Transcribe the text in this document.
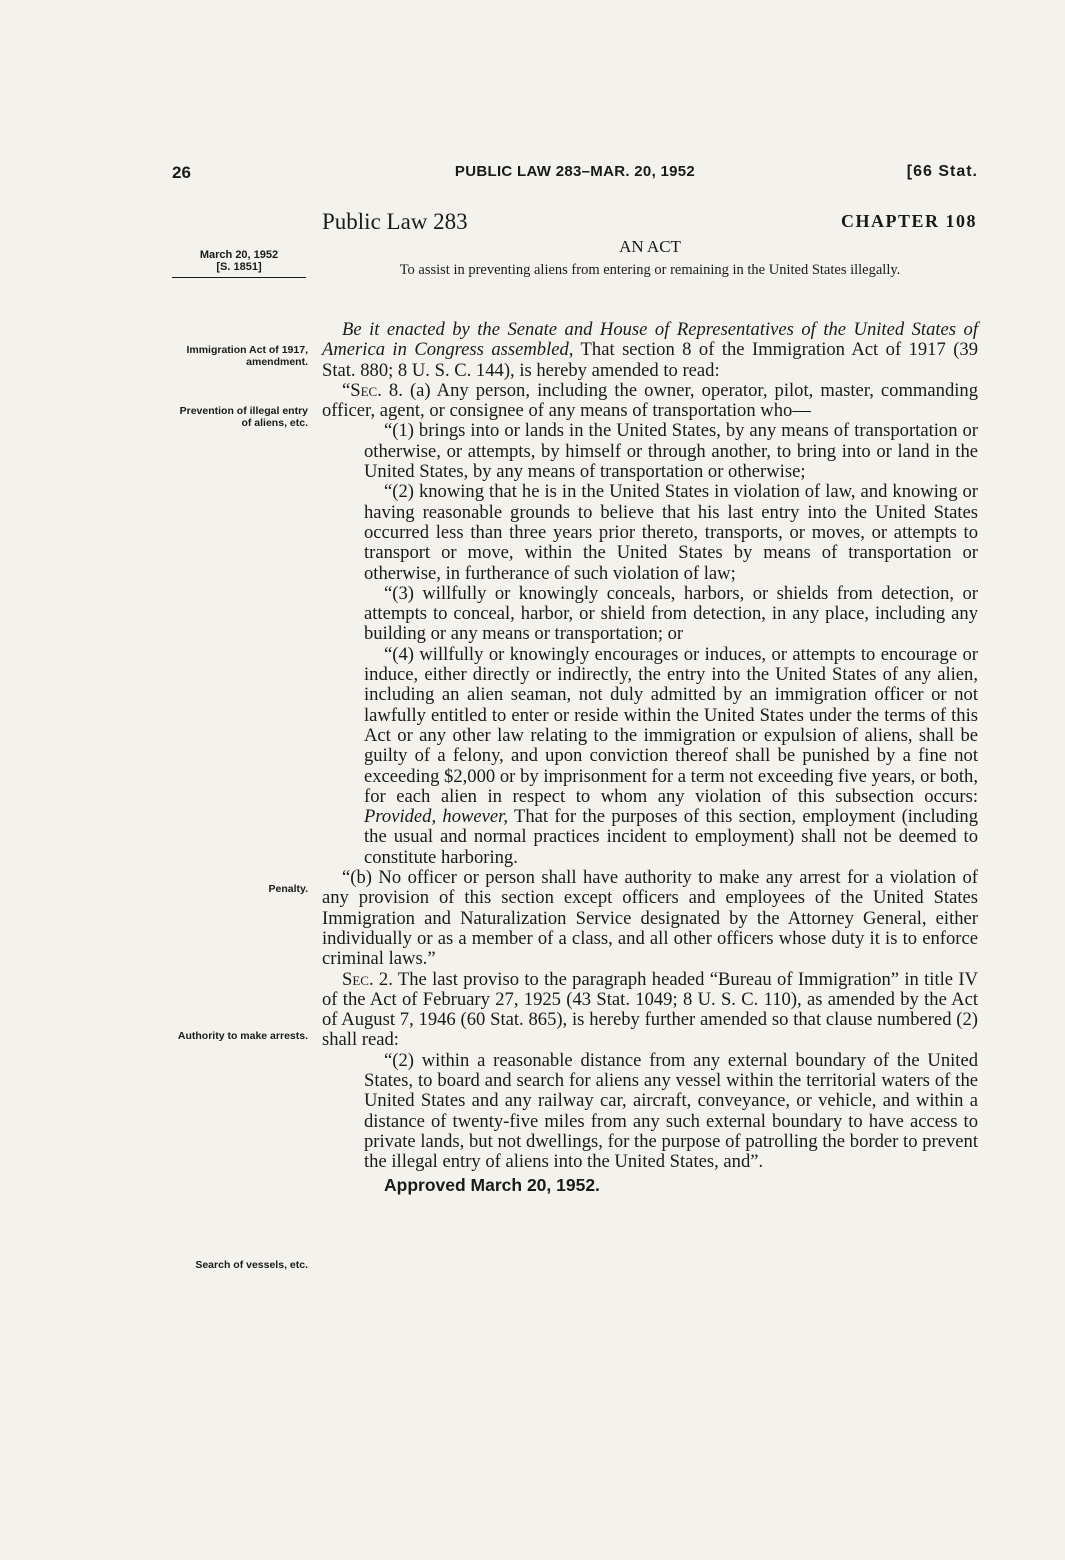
26	PUBLIC LAW 283–MAR. 20, 1952	[66 Stat.
Public Law 283	CHAPTER 108
AN ACT
To assist in preventing aliens from entering or remaining in the United States illegally.
March 20, 1952
[S. 1851]
Immigration Act of 1917, amendment.
Prevention of illegal entry of aliens, etc.
Penalty.
Authority to make arrests.
Search of vessels, etc.

Be it enacted by the Senate and House of Representatives of the United States of America in Congress assembled, That section 8 of the Immigration Act of 1917 (39 Stat. 880; 8 U. S. C. 144), is hereby amended to read:

“Sec. 8. (a) Any person, including the owner, operator, pilot, master, commanding officer, agent, or consignee of any means of transportation who—

“(1) brings into or lands in the United States, by any means of transportation or otherwise, or attempts, by himself or through another, to bring into or land in the United States, by any means of transportation or otherwise;

“(2) knowing that he is in the United States in violation of law, and knowing or having reasonable grounds to believe that his last entry into the United States occurred less than three years prior thereto, transports, or moves, or attempts to transport or move, within the United States by means of transportation or otherwise, in furtherance of such violation of law;

“(3) willfully or knowingly conceals, harbors, or shields from detection, or attempts to conceal, harbor, or shield from detection, in any place, including any building or any means or transportation; or

“(4) willfully or knowingly encourages or induces, or attempts to encourage or induce, either directly or indirectly, the entry into the United States of any alien, including an alien seaman, not duly admitted by an immigration officer or not lawfully entitled to enter or reside within the United States under the terms of this Act or any other law relating to the immigration or expulsion of aliens, shall be guilty of a felony, and upon conviction thereof shall be punished by a fine not exceeding $2,000 or by imprisonment for a term not exceeding five years, or both, for each alien in respect to whom any violation of this subsection occurs: Provided, however, That for the purposes of this section, employment (including the usual and normal practices incident to employment) shall not be deemed to constitute harboring.

“(b) No officer or person shall have authority to make any arrest for a violation of any provision of this section except officers and employees of the United States Immigration and Naturalization Service designated by the Attorney General, either individually or as a member of a class, and all other officers whose duty it is to enforce criminal laws.”

Sec. 2. The last proviso to the paragraph headed “Bureau of Immigration” in title IV of the Act of February 27, 1925 (43 Stat. 1049; 8 U. S. C. 110), as amended by the Act of August 7, 1946 (60 Stat. 865), is hereby further amended so that clause numbered (2) shall read:

“(2) within a reasonable distance from any external boundary of the United States, to board and search for aliens any vessel within the territorial waters of the United States and any railway car, aircraft, conveyance, or vehicle, and within a distance of twenty-five miles from any such external boundary to have access to private lands, but not dwellings, for the purpose of patrolling the border to prevent the illegal entry of aliens into the United States, and”.

Approved March 20, 1952.
